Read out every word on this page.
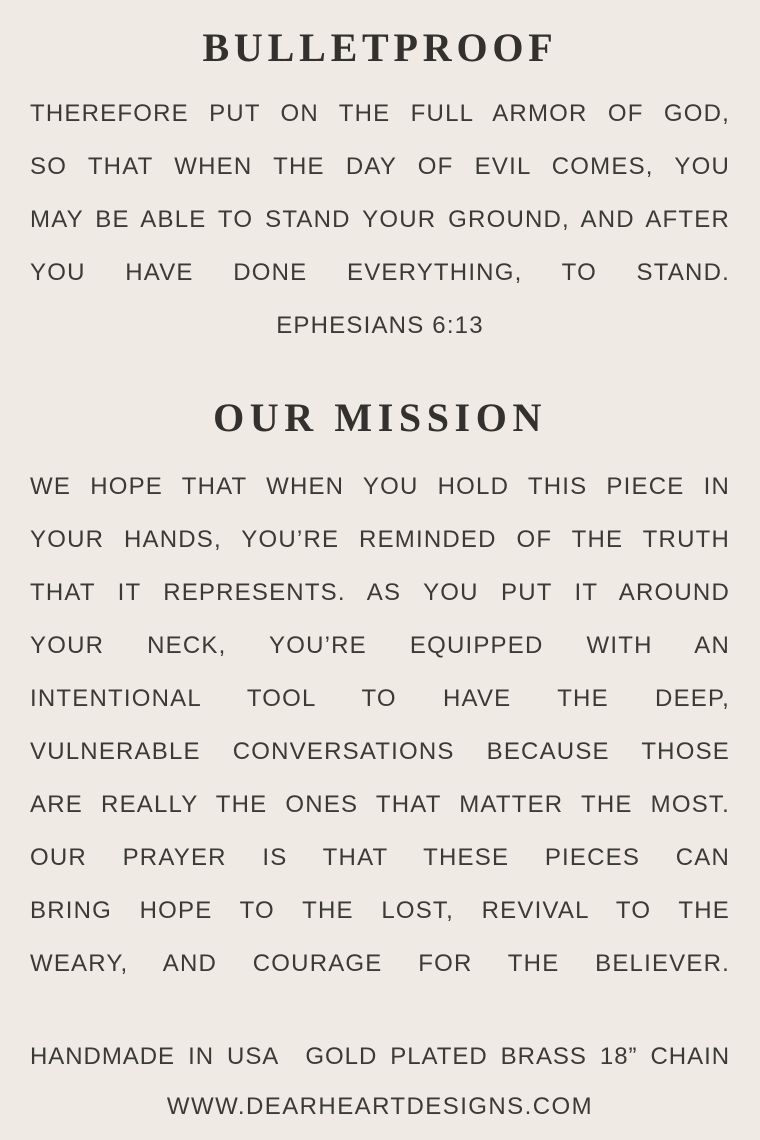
BULLETPROOF
THEREFORE PUT ON THE FULL ARMOR OF GOD,
SO THAT WHEN THE DAY OF EVIL COMES, YOU
MAY BE ABLE TO STAND YOUR GROUND, AND AFTER
YOU HAVE DONE EVERYTHING, TO STAND.
EPHESIANS 6:13
OUR MISSION
WE HOPE THAT WHEN YOU HOLD THIS PIECE IN
YOUR HANDS, YOU’RE REMINDED OF THE TRUTH
THAT IT REPRESENTS. AS YOU PUT IT AROUND
YOUR NECK, YOU’RE EQUIPPED WITH AN
INTENTIONAL TOOL TO HAVE THE DEEP,
VULNERABLE CONVERSATIONS BECAUSE THOSE
ARE REALLY THE ONES THAT MATTER THE MOST.
OUR PRAYER IS THAT THESE PIECES CAN
BRING HOPE TO THE LOST, REVIVAL TO THE
WEARY, AND COURAGE FOR THE BELIEVER.
HANDMADE IN USA  GOLD PLATED BRASS 18” CHAIN
WWW.DEARHEARTDESIGNS.COM
